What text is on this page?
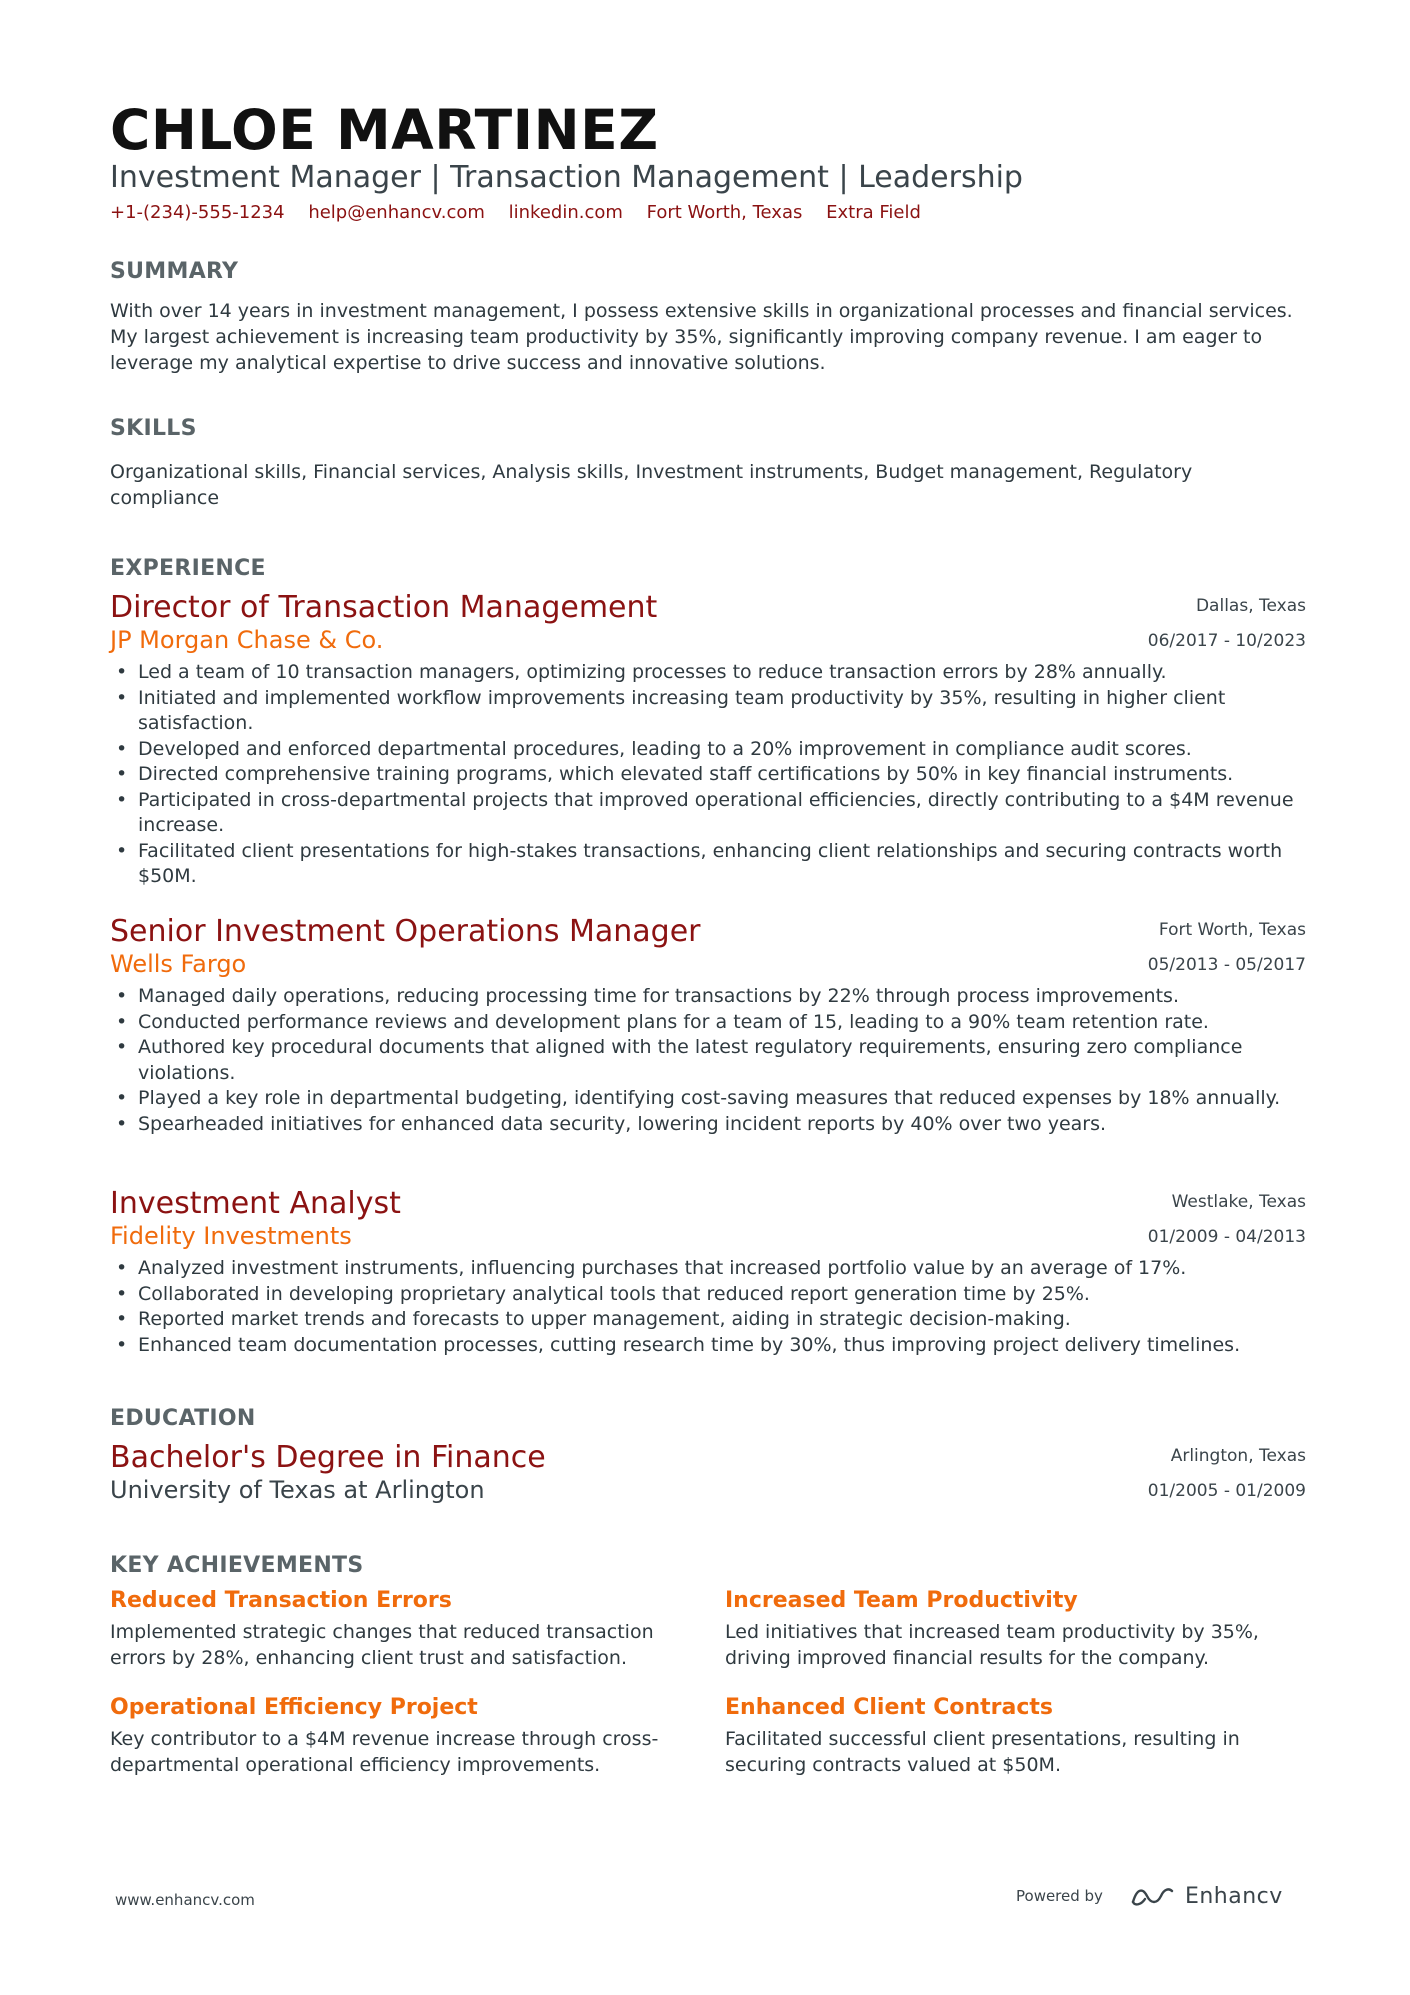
CHLOE MARTINEZ
Investment Manager | Transaction Management | Leadership
+1-(234)-555-1234 help@enhancv.com linkedin.com Fort Worth, Texas Extra Field
SUMMARY
With over 14 years in investment management, I possess extensive skills in organizational processes and financial services. My largest achievement is increasing team productivity by 35%, significantly improving company revenue. I am eager to leverage my analytical expertise to drive success and innovative solutions.
SKILLS
Organizational skills, Financial services, Analysis skills, Investment instruments, Budget management, Regulatory compliance
EXPERIENCE
Director of Transaction Management
JP Morgan Chase & Co.
Dallas, Texas
06/2017 - 10/2023
• Led a team of 10 transaction managers, optimizing processes to reduce transaction errors by 28% annually.
• Initiated and implemented workflow improvements increasing team productivity by 35%, resulting in higher client satisfaction.
• Developed and enforced departmental procedures, leading to a 20% improvement in compliance audit scores.
• Directed comprehensive training programs, which elevated staff certifications by 50% in key financial instruments.
• Participated in cross-departmental projects that improved operational efficiencies, directly contributing to a $4M revenue increase.
• Facilitated client presentations for high-stakes transactions, enhancing client relationships and securing contracts worth $50M.
Senior Investment Operations Manager
Wells Fargo
Fort Worth, Texas
05/2013 - 05/2017
• Managed daily operations, reducing processing time for transactions by 22% through process improvements.
• Conducted performance reviews and development plans for a team of 15, leading to a 90% team retention rate.
• Authored key procedural documents that aligned with the latest regulatory requirements, ensuring zero compliance violations.
• Played a key role in departmental budgeting, identifying cost-saving measures that reduced expenses by 18% annually.
• Spearheaded initiatives for enhanced data security, lowering incident reports by 40% over two years.
Investment Analyst
Fidelity Investments
Westlake, Texas
01/2009 - 04/2013
• Analyzed investment instruments, influencing purchases that increased portfolio value by an average of 17%.
• Collaborated in developing proprietary analytical tools that reduced report generation time by 25%.
• Reported market trends and forecasts to upper management, aiding in strategic decision-making.
• Enhanced team documentation processes, cutting research time by 30%, thus improving project delivery timelines.
EDUCATION
Bachelor's Degree in Finance
University of Texas at Arlington
Arlington, Texas
01/2005 - 01/2009
KEY ACHIEVEMENTS
Reduced Transaction Errors
Implemented strategic changes that reduced transaction errors by 28%, enhancing client trust and satisfaction.
Increased Team Productivity
Led initiatives that increased team productivity by 35%, driving improved financial results for the company.
Operational Efficiency Project
Key contributor to a $4M revenue increase through cross-departmental operational efficiency improvements.
Enhanced Client Contracts
Facilitated successful client presentations, resulting in securing contracts valued at $50M.
www.enhancv.com	Powered by	Enhancv
